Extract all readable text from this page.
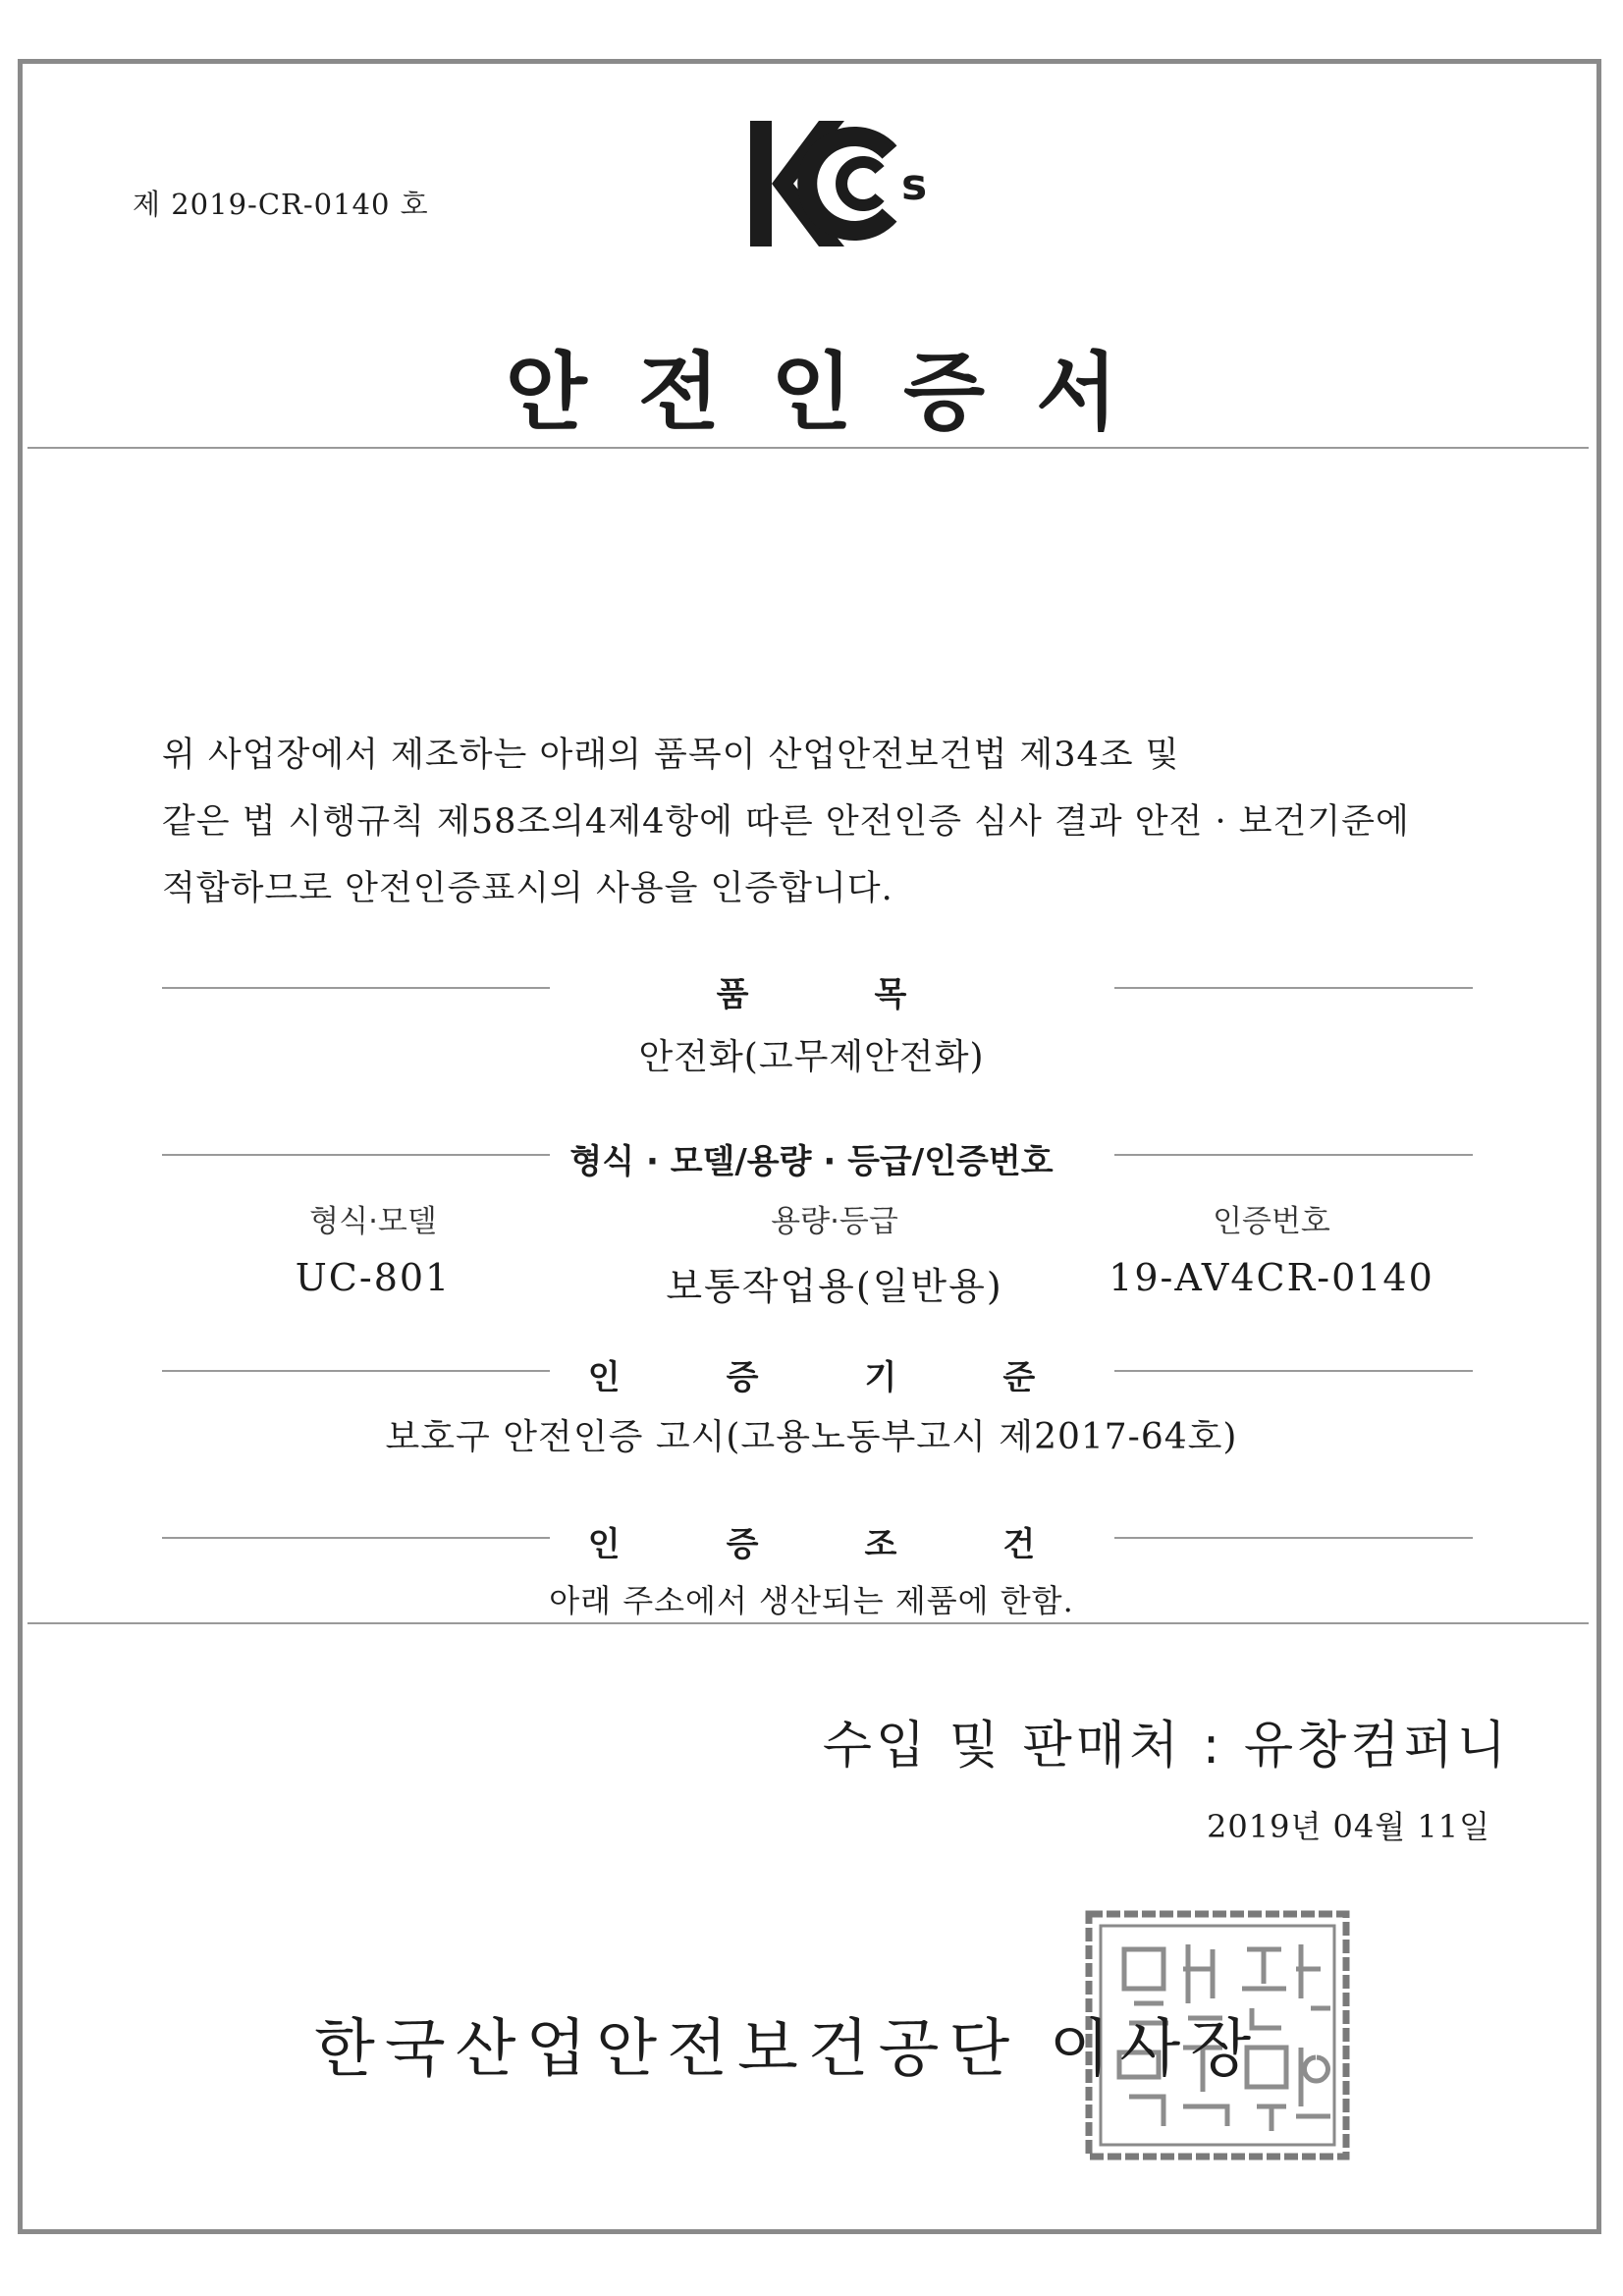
제 2019-CR-0140 호	s
안전인증서
위 사업장에서 제조하는 아래의 품목이 산업안전보건법 제34조 및
같은 법 시행규칙 제58조의4제4항에 따른 안전인증 심사 결과 안전 · 보건기준에
적합하므로 안전인증표시의 사용을 인증합니다.
품목
안전화(고무제안전화)
형식 · 모델/용량 · 등급/인증번호
형식·모델
UC-801
용량·등급
보통작업용(일반용)
인증번호
19-AV4CR-0140
인증기준
보호구 안전인증 고시(고용노동부고시 제2017-64호)
인증조건
아래 주소에서 생산되는 제품에 한함.
수입 및 판매처 : 유창컴퍼니
2019년 04월 11일
한국산업안전보건공단 이사장
